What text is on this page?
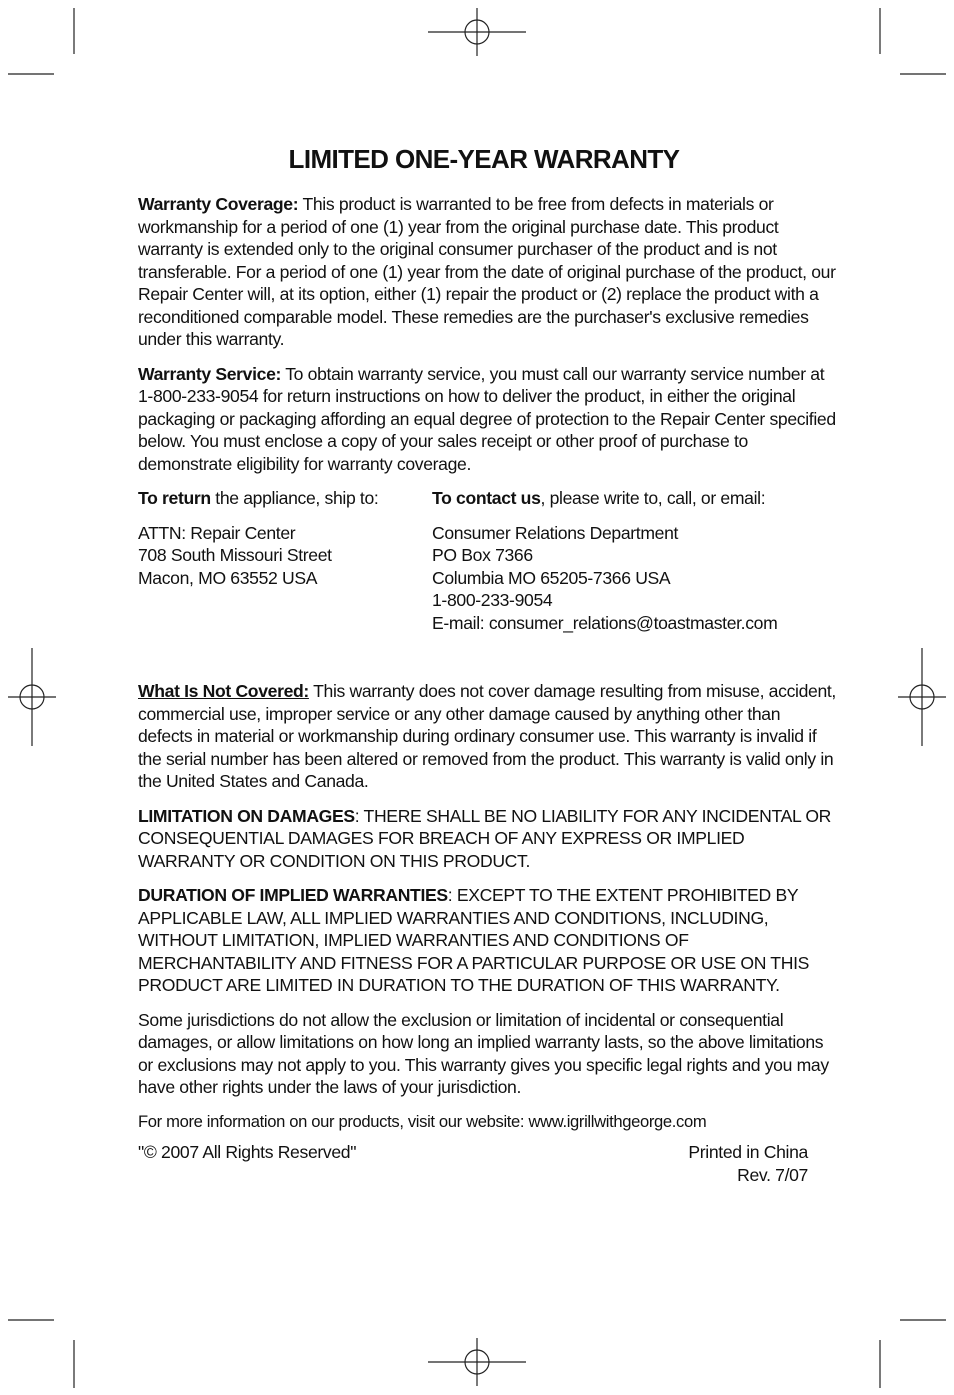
LIMITED ONE-YEAR WARRANTY

Warranty Coverage: This product is warranted to be free from defects in materials or workmanship for a period of one (1) year from the original purchase date. This product warranty is extended only to the original consumer purchaser of the product and is not transferable. For a period of one (1) year from the date of original purchase of the product, our Repair Center will, at its option, either (1) repair the product or (2) replace the product with a reconditioned comparable model. These remedies are the purchaser's exclusive remedies under this warranty.

Warranty Service: To obtain warranty service, you must call our warranty service number at 1-800-233-9054 for return instructions on how to deliver the product, in either the original packaging or packaging affording an equal degree of protection to the Repair Center specified below. You must enclose a copy of your sales receipt or other proof of purchase to demonstrate eligibility for warranty coverage.

To return the appliance, ship to:
ATTN: Repair Center
708 South Missouri Street
Macon, MO 63552 USA
To contact us, please write to, call, or email:
Consumer Relations Department
PO Box 7366
Columbia MO 65205-7366 USA
1-800-233-9054
E-mail: consumer_relations@toastmaster.com

What Is Not Covered: This warranty does not cover damage resulting from misuse, accident, commercial use, improper service or any other damage caused by anything other than defects in material or workmanship during ordinary consumer use. This warranty is invalid if the serial number has been altered or removed from the product. This warranty is valid only in the United States and Canada.

LIMITATION ON DAMAGES: THERE SHALL BE NO LIABILITY FOR ANY INCIDENTAL OR CONSEQUENTIAL DAMAGES FOR BREACH OF ANY EXPRESS OR IMPLIED WARRANTY OR CONDITION ON THIS PRODUCT.

DURATION OF IMPLIED WARRANTIES: EXCEPT TO THE EXTENT PROHIBITED BY APPLICABLE LAW, ALL IMPLIED WARRANTIES AND CONDITIONS, INCLUDING, WITHOUT LIMITATION, IMPLIED WARRANTIES AND CONDITIONS OF MERCHANTABILITY AND FITNESS FOR A PARTICULAR PURPOSE OR USE ON THIS PRODUCT ARE LIMITED IN DURATION TO THE DURATION OF THIS WARRANTY.

Some jurisdictions do not allow the exclusion or limitation of incidental or consequential damages, or allow limitations on how long an implied warranty lasts, so the above limitations or exclusions may not apply to you. This warranty gives you specific legal rights and you may have other rights under the laws of your jurisdiction.

For more information on our products, visit our website: www.igrillwithgeorge.com

"© 2007 All Rights Reserved"	Printed in China
Rev. 7/07
